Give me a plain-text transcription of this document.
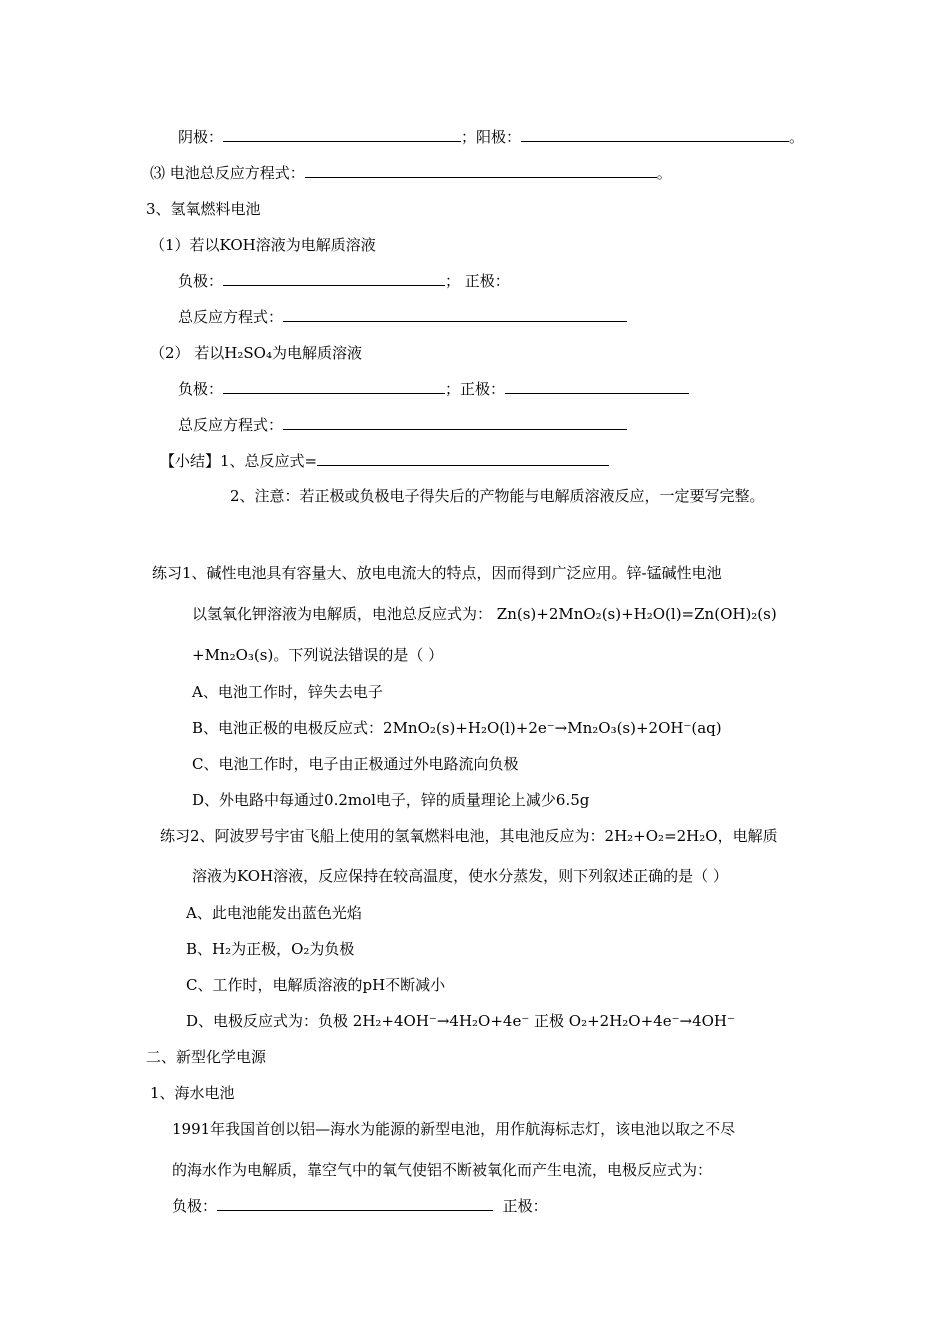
阴极：	；阳极：	。
⑶ 电池总反应方程式：	。
3、氢氧燃料电池
（1）若以KOH溶液为电解质溶液
负极：	； 正极：
总反应方程式：
（2） 若以H₂SO₄为电解质溶液
负极：	；正极：
总反应方程式：
【小结】1、总反应式=
2、注意：若正极或负极电子得失后的产物能与电解质溶液反应，一定要写完整。
练习1、碱性电池具有容量大、放电电流大的特点，因而得到广泛应用。锌-锰碱性电池
以氢氧化钾溶液为电解质，电池总反应式为： Zn(s)+2MnO₂(s)+H₂O(l)=Zn(OH)₂(s)
+Mn₂O₃(s)。下列说法错误的是（ ）
A、电池工作时，锌失去电子
B、电池正极的电极反应式：2MnO₂(s)+H₂O(l)+2e⁻→Mn₂O₃(s)+2OH⁻(aq)
C、电池工作时，电子由正极通过外电路流向负极
D、外电路中每通过0.2mol电子，锌的质量理论上减少6.5g
练习2、阿波罗号宇宙飞船上使用的氢氧燃料电池，其电池反应为：2H₂+O₂=2H₂O，电解质
溶液为KOH溶液，反应保持在较高温度，使水分蒸发，则下列叙述正确的是（ ）
A、此电池能发出蓝色光焰
B、H₂为正极，O₂为负极
C、工作时，电解质溶液的pH不断减小
D、电极反应式为：负极 2H₂+4OH⁻→4H₂O+4e⁻ 正极 O₂+2H₂O+4e⁻→4OH⁻
二、新型化学电源
1、海水电池
1991年我国首创以铝—海水为能源的新型电池，用作航海标志灯，该电池以取之不尽
的海水作为电解质，靠空气中的氧气使铝不断被氧化而产生电流，电极反应式为：
负极：	正极：
